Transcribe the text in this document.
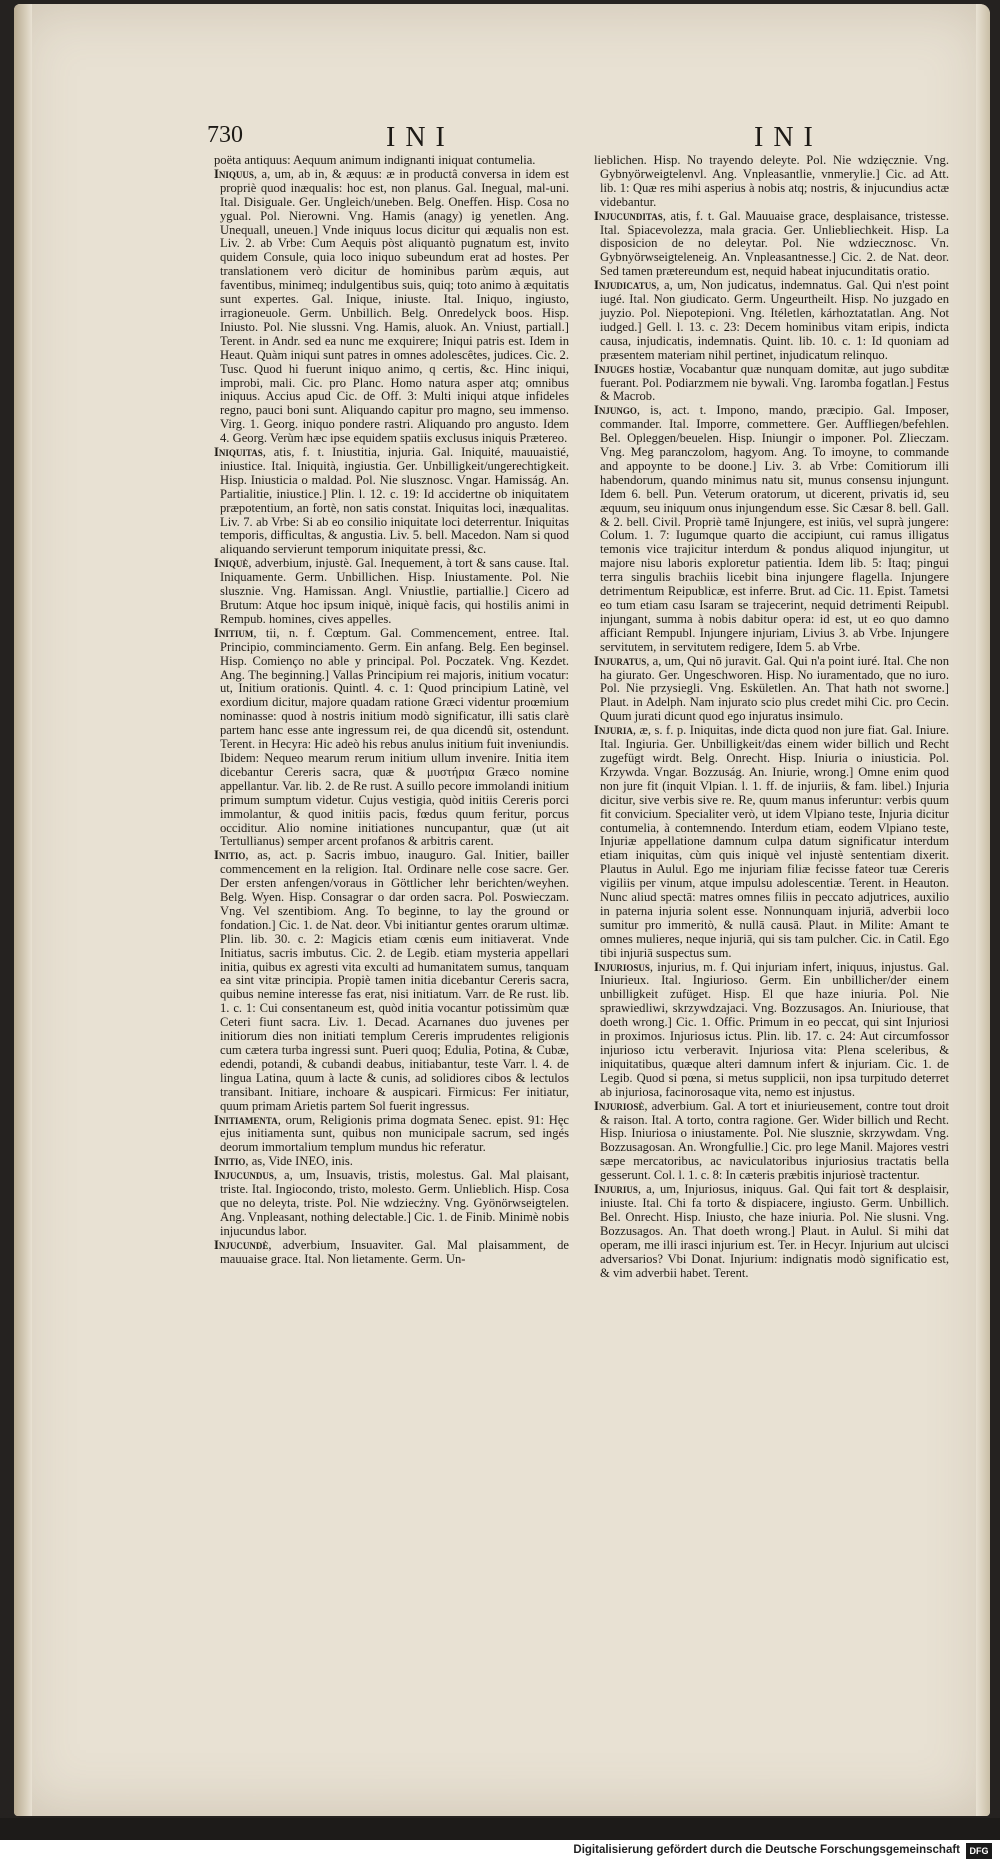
730	INI	INI

poëta antiquus: Aequum animum indignanti iniquat contumelia.

Iniquus, a, um, ab in, & æquus: æ in productâ conversa in idem est propriè quod inæqualis: hoc est, non planus. Gal. Inegual, mal-uni. Ital. Disiguale. Ger. Ungleich/uneben. Belg. Oneffen. Hisp. Cosa no ygual. Pol. Nierowni. Vng. Hamis (anagy) ig yenetlen. Ang. Unequall, uneuen.] Vnde iniquus locus dicitur qui æqualis non est. Liv. 2. ab Vrbe: Cum Aequis pòst aliquantò pugnatum est, invito quidem Consule, quia loco iniquo subeundum erat ad hostes. Per translationem verò dicitur de hominibus parùm æquis, aut faventibus, minimeq; indulgentibus suis, quiq; toto animo à æquitatis sunt expertes. Gal. Inique, iniuste. Ital. Iniquo, ingiusto, irragioneuole. Germ. Unbillich. Belg. Onredelyck boos. Hisp. Iniusto. Pol. Nie slussni. Vng. Hamis, aluok. An. Vniust, partiall.] Terent. in Andr. sed ea nunc me exquirere; Iniqui patris est. Idem in Heaut. Quàm iniqui sunt patres in omnes adolescêtes, judices. Cic. 2. Tusc. Quod hi fuerunt iniquo animo, q certis, &c. Hinc iniqui, improbi, mali. Cic. pro Planc. Homo natura asper atq; omnibus iniquus. Accius apud Cic. de Off. 3: Multi iniqui atque infideles regno, pauci boni sunt. Aliquando capitur pro magno, seu immenso. Virg. 1. Georg. iniquo pondere rastri. Aliquando pro angusto. Idem 4. Georg. Verùm hæc ipse equidem spatiis exclusus iniquis Prætereo.

Iniquitas, atis, f. t. Iniustitia, injuria. Gal. Iniquité, mauuaistié, iniustice. Ital. Iniquità, ingiustia. Ger. Unbilligkeit/ungerechtigkeit. Hisp. Iniusticia o maldad. Pol. Nie slusznosc. Vngar. Hamisság. An. Partialitie, iniustice.] Plin. l. 12. c. 19: Id accidertne ob iniquitatem præpotentium, an fortè, non satis constat. Iniquitas loci, inæqualitas. Liv. 7. ab Vrbe: Si ab eo consilio iniquitate loci deterrentur. Iniquitas temporis, difficultas, & angustia. Liv. 5. bell. Macedon. Nam si quod aliquando servierunt temporum iniquitate pressi, &c.

Iniquè, adverbium, injustè. Gal. Inequement, à tort & sans cause. Ital. Iniquamente. Germ. Unbillichen. Hisp. Iniustamente. Pol. Nie slusznie. Vng. Hamissan. Angl. Vniustlie, partiallie.] Cicero ad Brutum: Atque hoc ipsum iniquè, iniquè facis, qui hostilis animi in Rempub. homines, cives appelles.

Initium, tii, n. f. Cœptum. Gal. Commencement, entree. Ital. Principio, comminciamento. Germ. Ein anfang. Belg. Een beginsel. Hisp. Comienço no able y principal. Pol. Poczatek. Vng. Kezdet. Ang. The beginning.] Vallas Principium rei majoris, initium vocatur: ut, Initium orationis. Quintl. 4. c. 1: Quod principium Latinè, vel exordium dicitur, majore quadam ratione Græci videntur proœmium nominasse: quod à nostris initium modò significatur, illi satis clarè partem hanc esse ante ingressum rei, de qua dicendû sit, ostendunt. Terent. in Hecyra: Hic adeò his rebus anulus initium fuit inveniundis. Ibidem: Nequeo mearum rerum initium ullum invenire. Initia item dicebantur Cereris sacra, quæ & μυστήρια Græco nomine appellantur. Var. lib. 2. de Re rust. A suillo pecore immolandi initium primum sumptum videtur. Cujus vestigia, quòd initiis Cereris porci immolantur, & quod initiis pacis, fœdus quum feritur, porcus occiditur. Alio nomine initiationes nuncupantur, quæ (ut ait Tertullianus) semper arcent profanos & arbitris carent.

Initio, as, act. p. Sacris imbuo, inauguro. Gal. Initier, bailler commencement en la religion. Ital. Ordinare nelle cose sacre. Ger. Der ersten anfengen/voraus in Göttlicher lehr berichten/weyhen. Belg. Wyen. Hisp. Consagrar o dar orden sacra. Pol. Poswieczam. Vng. Vel szentibiom. Ang. To beginne, to lay the ground or fondation.] Cic. 1. de Nat. deor. Vbi initiantur gentes orarum ultimæ. Plin. lib. 30. c. 2: Magicis etiam cœnis eum initiaverat. Vnde Initiatus, sacris imbutus. Cic. 2. de Legib. etiam mysteria appellari initia, quibus ex agresti vita exculti ad humanitatem sumus, tanquam ea sint vitæ principia. Propiè tamen initia dicebantur Cereris sacra, quibus nemine interesse fas erat, nisi initiatum. Varr. de Re rust. lib. 1. c. 1: Cui consentaneum est, quòd initia vocantur potissimùm quæ Ceteri fiunt sacra. Liv. 1. Decad. Acarnanes duo juvenes per initiorum dies non initiati templum Cereris imprudentes religionis cum cætera turba ingressi sunt. Pueri quoq; Edulia, Potina, & Cubæ, edendi, potandi, & cubandi deabus, initiabantur, teste Varr. l. 4. de lingua Latina, quum à lacte & cunis, ad solidiores cibos & lectulos transibant. Initiare, inchoare & auspicari. Firmicus: Fer initiatur, quum primam Arietis partem Sol fuerit ingressus.

Initiamenta, orum, Religionis prima dogmata Senec. epist. 91: Hęc ejus initiamenta sunt, quibus non municipale sacrum, sed ingés deorum immortalium templum mundus hic referatur.

Initio, as, Vide INEO, inis.

Injucundus, a, um, Insuavis, tristis, molestus. Gal. Mal plaisant, triste. Ital. Ingiocondo, tristo, molesto. Germ. Unlieblich. Hisp. Cosa que no deleyta, triste. Pol. Nie wdziecżny. Vng. Gyönörwseigtelen. Ang. Vnpleasant, nothing delectable.] Cic. 1. de Finib. Minimè nobis injucundus labor.

Injucundè, adverbium, Insuaviter. Gal. Mal plaisamment, de mauuaise grace. Ital. Non lietamente. Germ. Un-

lieblichen. Hisp. No trayendo deleyte. Pol. Nie wdzięcznie. Vng. Gybnyörweigtelenvl. Ang. Vnpleasantlie, vnmerylie.] Cic. ad Att. lib. 1: Quæ res mihi asperius à nobis atq; nostris, & injucundius actæ videbantur.

Injucunditas, atis, f. t. Gal. Mauuaise grace, desplaisance, tristesse. Ital. Spiacevolezza, mala gracia. Ger. Unliebliechkeit. Hisp. La disposicion de no deleytar. Pol. Nie wdziecznosc. Vn. Gybnyörwseigteleneig. An. Vnpleasantnesse.] Cic. 2. de Nat. deor. Sed tamen prætereundum est, nequid habeat injucunditatis oratio.

Injudicatus, a, um, Non judicatus, indemnatus. Gal. Qui n'est point iugé. Ital. Non giudicato. Germ. Ungeurtheilt. Hisp. No juzgado en juyzio. Pol. Niepotepioni. Vng. Itéletlen, kárhoztatatlan. Ang. Not iudged.] Gell. l. 13. c. 23: Decem hominibus vitam eripis, indicta causa, injudicatis, indemnatis. Quint. lib. 10. c. 1: Id quoniam ad præsentem materiam nihil pertinet, injudicatum relinquo.

Injuges hostiæ, Vocabantur quæ nunquam domitæ, aut jugo subditæ fuerant. Pol. Podiarzmem nie bywali. Vng. Iaromba fogatlan.] Festus & Macrob.

Injungo, is, act. t. Impono, mando, præcipio. Gal. Imposer, commander. Ital. Imporre, commettere. Ger. Auffliegen/befehlen. Bel. Opleggen/beuelen. Hisp. Iniungir o imponer. Pol. Zlieczam. Vng. Meg paranczolom, hagyom. Ang. To imoyne, to commande and appoynte to be doone.] Liv. 3. ab Vrbe: Comitiorum illi habendorum, quando minimus natu sit, munus consensu injungunt. Idem 6. bell. Pun. Veterum oratorum, ut dicerent, privatis id, seu æquum, seu iniquum onus injungendum esse. Sic Cæsar 8. bell. Gall. & 2. bell. Civil. Propriè tamē Injungere, est iniūs, vel suprà jungere: Colum. 1. 7: Iugumque quarto die accipiunt, cui ramus illigatus temonis vice trajicitur interdum & pondus aliquod injungitur, ut majore nisu laboris exploretur patientia. Idem lib. 5: Itaq; pingui terra singulis brachiis licebit bina injungere flagella. Injungere detrimentum Reipublicæ, est inferre. Brut. ad Cic. 11. Epist. Tametsi eo tum etiam casu Isaram se trajecerint, nequid detrimenti Reipubl. injungant, summa à nobis dabitur opera: id est, ut eo quo damno afficiant Rempubl. Injungere injuriam, Livius 3. ab Vrbe. Injungere servitutem, in servitutem redigere, Idem 5. ab Vrbe.

Injuratus, a, um, Qui nō juravit. Gal. Qui n'a point iuré. Ital. Che non ha giurato. Ger. Ungeschworen. Hisp. No iuramentado, que no iuro. Pol. Nie przysiegli. Vng. Eskületlen. An. That hath not sworne.] Plaut. in Adelph. Nam injurato scio plus credet mihi Cic. pro Cecin. Quum jurati dicunt quod ego injuratus insimulo.

Injuria, æ, s. f. p. Iniquitas, inde dicta quod non jure fiat. Gal. Iniure. Ital. Ingiuria. Ger. Unbilligkeit/das einem wider billich und Recht zugefügt wirdt. Belg. Onrecht. Hisp. Iniuria o iniusticia. Pol. Krzywda. Vngar. Bozzuság. An. Iniurie, wrong.] Omne enim quod non jure fit (inquit Vlpian. l. 1. ff. de injuriis, & fam. libel.) Injuria dicitur, sive verbis sive re. Re, quum manus inferuntur: verbis quum fit convicium. Specialiter verò, ut idem Vlpiano teste, Injuria dicitur contumelia, à contemnendo. Interdum etiam, eodem Vlpiano teste, Injuriæ appellatione damnum culpa datum significatur interdum etiam iniquitas, cùm quis iniquè vel injustè sententiam dixerit. Plautus in Aulul. Ego me injuriam filiæ fecisse fateor tuæ Cereris vigiliis per vinum, atque impulsu adolescentiæ. Terent. in Heauton. Nunc aliud spectā: matres omnes filiis in peccato adjutrices, auxilio in paterna injuria solent esse. Nonnunquam injuriā, adverbii loco sumitur pro immeritò, & nullā causā. Plaut. in Milite: Amant te omnes mulieres, neque injuriā, qui sis tam pulcher. Cic. in Catil. Ego tibi injuriā suspectus sum.

Injuriosus, injurius, m. f. Qui injuriam infert, iniquus, injustus. Gal. Iniurieux. Ital. Ingiurioso. Germ. Ein unbillicher/der einem unbilligkeit zufüget. Hisp. El que haze iniuria. Pol. Nie sprawiedliwi, skrzywdzajaci. Vng. Bozzusagos. An. Iniuriouse, that doeth wrong.] Cic. 1. Offic. Primum in eo peccat, qui sint Injuriosi in proximos. Injuriosus ictus. Plin. lib. 17. c. 24: Aut circumfossor injurioso ictu verberavit. Injuriosa vita: Plena sceleribus, & iniquitatibus, quæque alteri damnum infert & injuriam. Cic. 1. de Legib. Quod si pœna, si metus supplicii, non ipsa turpitudo deterret ab injuriosa, facinorosaque vita, nemo est injustus.

Injuriosè, adverbium. Gal. A tort et iniurieusement, contre tout droit & raison. Ital. A torto, contra ragione. Ger. Wider billich und Recht. Hisp. Iniuriosa o iniustamente. Pol. Nie slusznie, skrzywdam. Vng. Bozzusagosan. An. Wrongfullie.] Cic. pro lege Manil. Majores vestri sæpe mercatoribus, ac naviculatoribus injuriosius tractatis bella gesserunt. Col. l. 1. c. 8: In cæteris præbitis injuriosè tractentur.

Injurius, a, um, Injuriosus, iniquus. Gal. Qui fait tort & desplaisir, iniuste. Ital. Chi fa torto & dispiacere, ingiusto. Germ. Unbillich. Bel. Onrecht. Hisp. Iniusto, che haze iniuria. Pol. Nie slusni. Vng. Bozzusagos. An. That doeth wrong.] Plaut. in Aulul. Si mihi dat operam, me illi irasci injurium est. Ter. in Hecyr. Injurium aut ulcisci adversarios? Vbi Donat. Injurium: indignatis modò significatio est, & vim adverbii habet. Terent.

Digitalisierung gefördert durch die Deutsche Forschungsgemeinschaft	DFG
